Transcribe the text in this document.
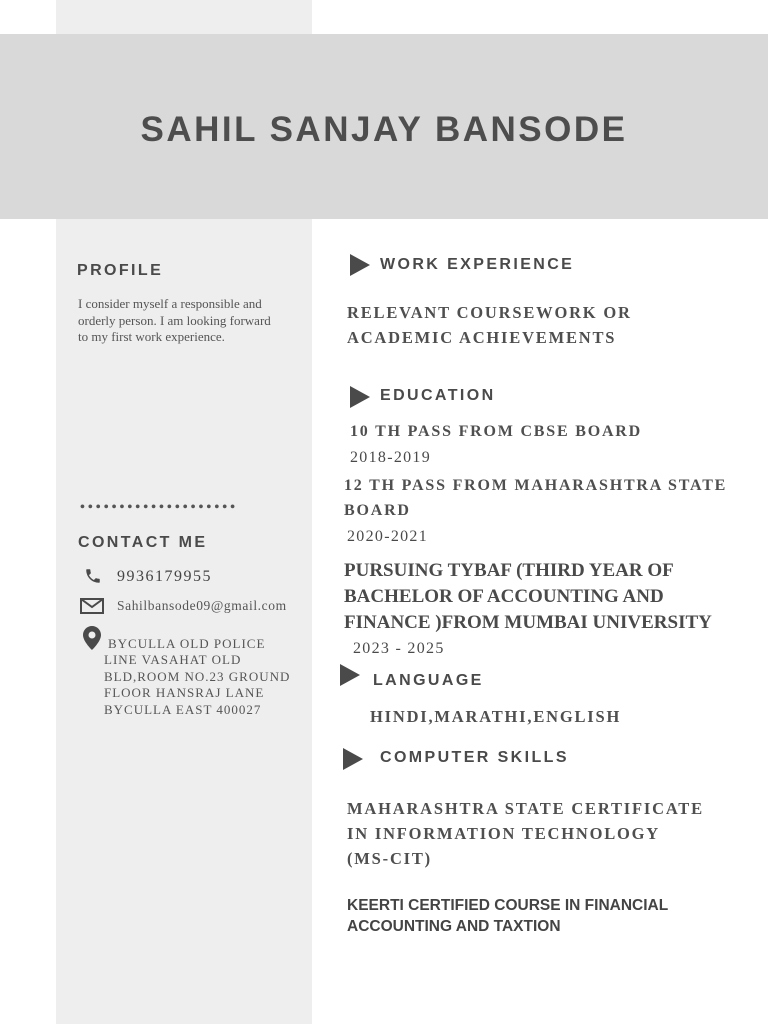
SAHIL SANJAY BANSODE
PROFILE
I consider myself a responsible and orderly person. I am looking forward to my first work experience.
••••••••••••••••••••
CONTACT ME
9936179955
Sahilbansode09@gmail.com
BYCULLA OLD POLICE LINE VASAHAT OLD BLD,ROOM NO.23 GROUND FLOOR HANSRAJ LANE BYCULLA EAST 400027
WORK EXPERIENCE
RELEVANT COURSEWORK OR
ACADEMIC ACHIEVEMENTS
EDUCATION
10 TH PASS FROM CBSE BOARD
2018-2019
12 TH PASS FROM MAHARASHTRA STATE
BOARD
2020-2021
PURSUING TYBAF (THIRD YEAR OF
BACHELOR OF ACCOUNTING AND
FINANCE )FROM MUMBAI UNIVERSITY
2023 - 2025
LANGUAGE
HINDI,MARATHI,ENGLISH
COMPUTER SKILLS
MAHARASHTRA STATE CERTIFICATE
IN INFORMATION TECHNOLOGY
(MS-CIT)
KEERTI CERTIFIED COURSE IN FINANCIAL
ACCOUNTING AND TAXTION
